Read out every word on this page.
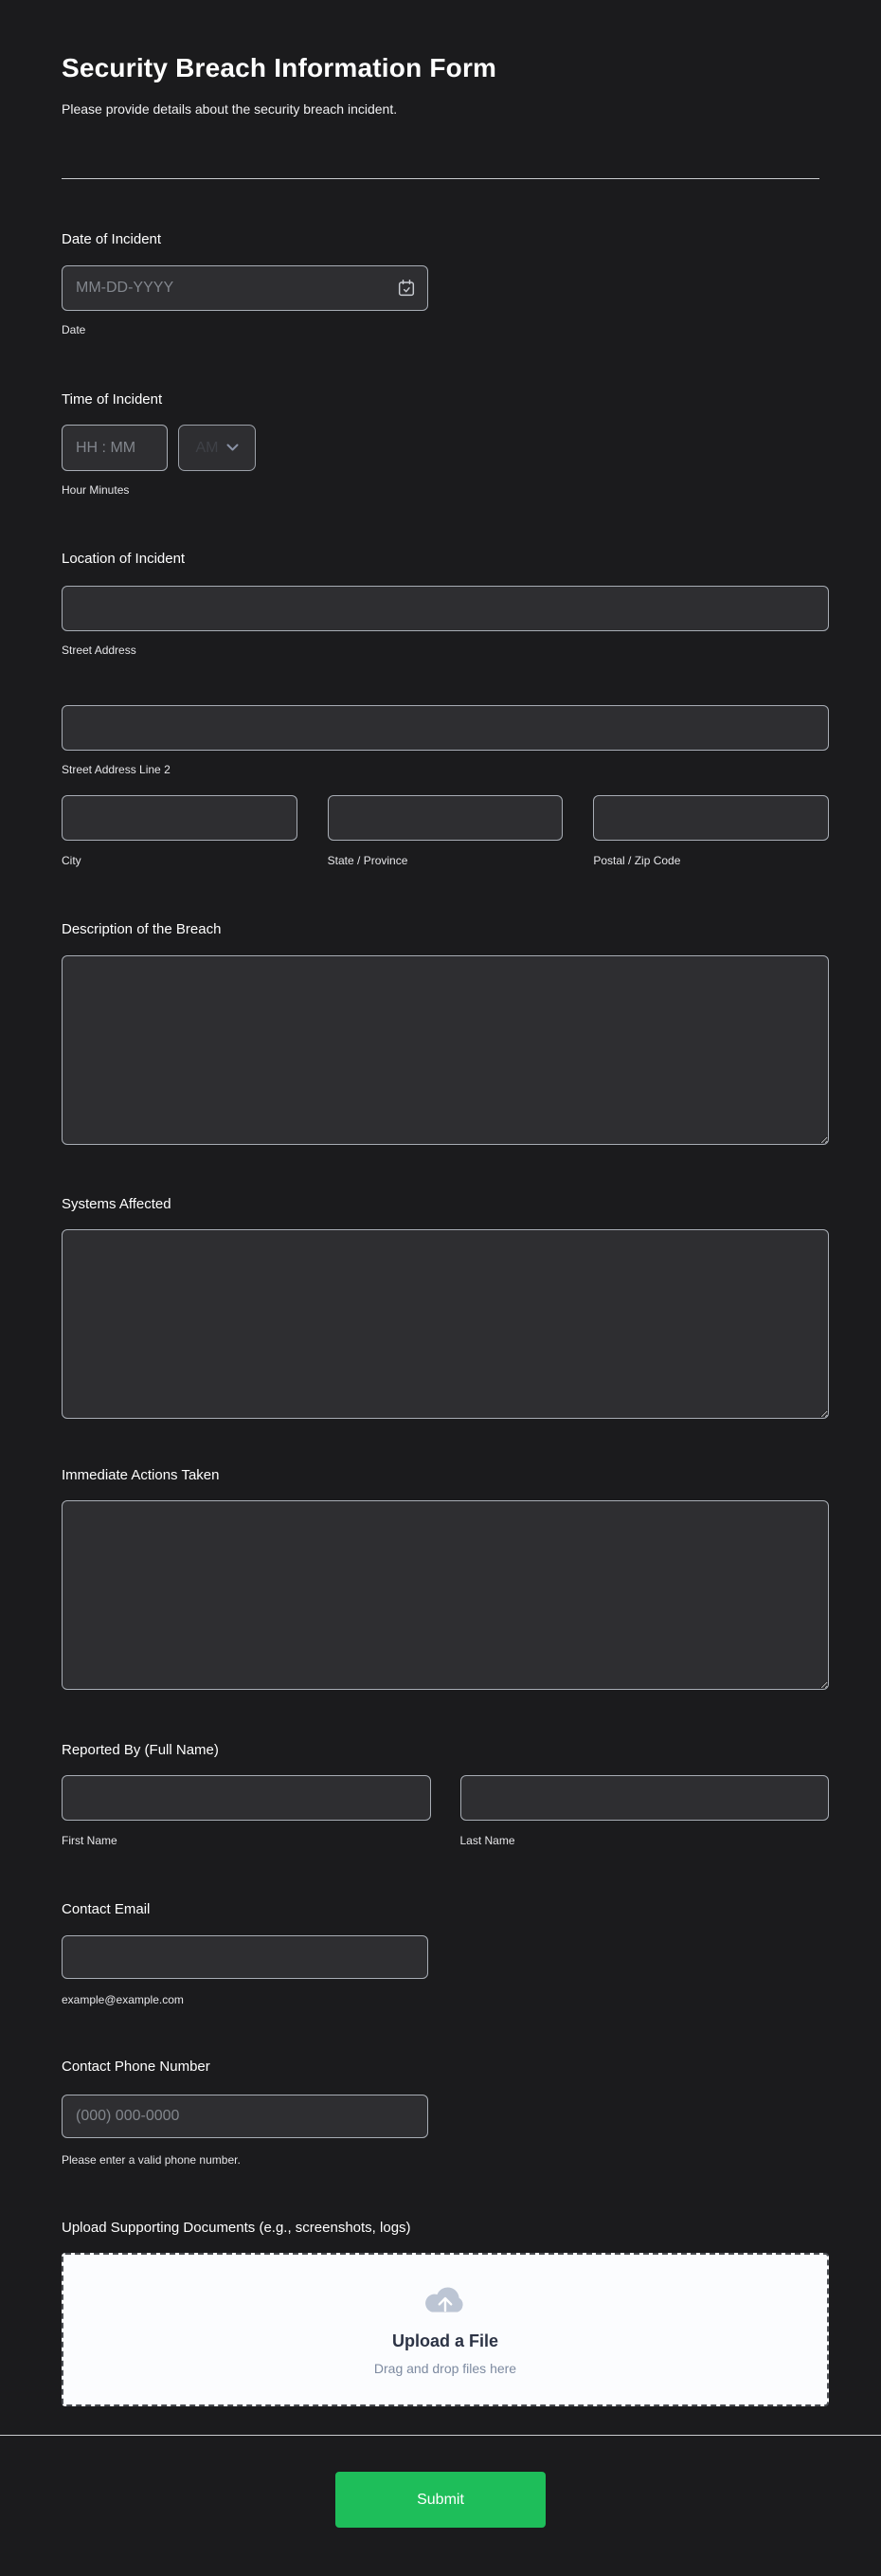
Security Breach Information Form
Please provide details about the security breach incident.
Date of Incident
MM-DD-YYYY
Date
Time of Incident
HH : MM
AM
Hour Minutes
Location of Incident
Street Address
Street Address Line 2
City	State / Province	Postal / Zip Code
Description of the Breach
Systems Affected
Immediate Actions Taken
Reported By (Full Name)
First Name	Last Name
Contact Email
example@example.com
Contact Phone Number
(000) 000-0000
Please enter a valid phone number.
Upload Supporting Documents (e.g., screenshots, logs)
Upload a File
Drag and drop files here
Submit
